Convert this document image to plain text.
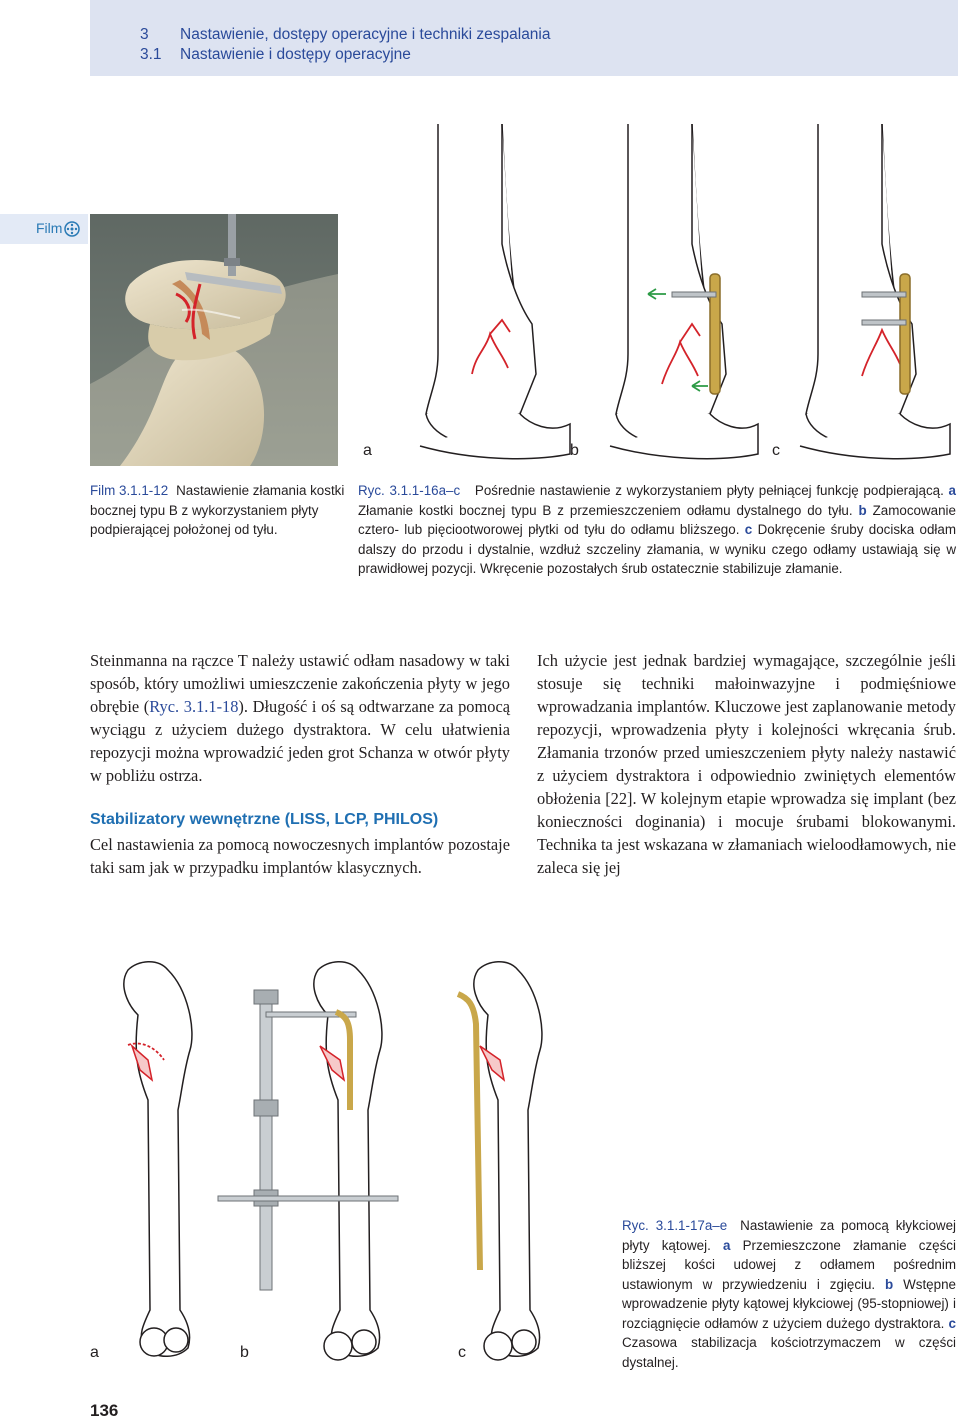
3 Nastawienie, dostępy operacyjne i techniki zespalania
3.1 Nastawienie i dostępy operacyjne
Film
a	b	c
Film 3.1.1-12 Nastawienie złamania kostki bocznej typu B z wykorzystaniem płyty podpierającej położonej od tyłu.
Ryc. 3.1.1-16a–c Pośrednie nastawienie z wykorzystaniem płyty pełniącej funkcję podpierającą. a Złamanie kostki bocznej typu B z przemieszczeniem odłamu dystalnego do tyłu. b Zamocowanie cztero- lub pięciootworowej płytki od tyłu do odłamu bliższego. c Dokręcenie śruby dociska odłam dalszy do przodu i dystalnie, wzdłuż szczeliny złamania, w wyniku czego odłamy ustawiają się w prawidłowej pozycji. Wkręcenie pozostałych śrub ostatecznie stabilizuje złamanie.
Steinmanna na rączce T należy ustawić odłam nasadowy w taki sposób, który umożliwi umieszczenie zakończenia płyty w jego obrębie (Ryc. 3.1.1-18). Długość i oś są odtwarzane za pomocą wyciągu z użyciem dużego dystraktora. W celu ułatwienia repozycji można wprowadzić jeden grot Schanza w otwór płyty w pobliżu ostrza.
Stabilizatory wewnętrzne (LISS, LCP, PHILOS)
Cel nastawienia za pomocą nowoczesnych implantów pozostaje taki sam jak w przypadku implantów klasycznych.
Ich użycie jest jednak bardziej wymagające, szczególnie jeśli stosuje się techniki małoinwazyjne i podmięśniowe wprowadzania implantów. Kluczowe jest zaplanowanie metody repozycji, wprowadzenia płyty i kolejności wkręcania śrub. Złamania trzonów przed umieszczeniem płyty należy nastawić z użyciem dystraktora i odpowiednio zwiniętych elementów obłożenia [22]. W kolejnym etapie wprowadza się implant (bez konieczności doginania) i mocuje śrubami blokowanymi. Technika ta jest wskazana w złamaniach wieloodłamowych, nie zaleca się jej
a	b	c
Ryc. 3.1.1-17a–e Nastawienie za pomocą kłykciowej płyty kątowej. a Przemieszczone złamanie części bliższej kości udowej z odłamem pośrednim ustawionym w przywiedzeniu i zgięciu. b Wstępne wprowadzenie płyty kątowej kłykciowej (95-stopniowej) i rozciągnięcie odłamów z użyciem dużego dystraktora. c Czasowa stabilizacja kościotrzymaczem w części dystalnej.
136
